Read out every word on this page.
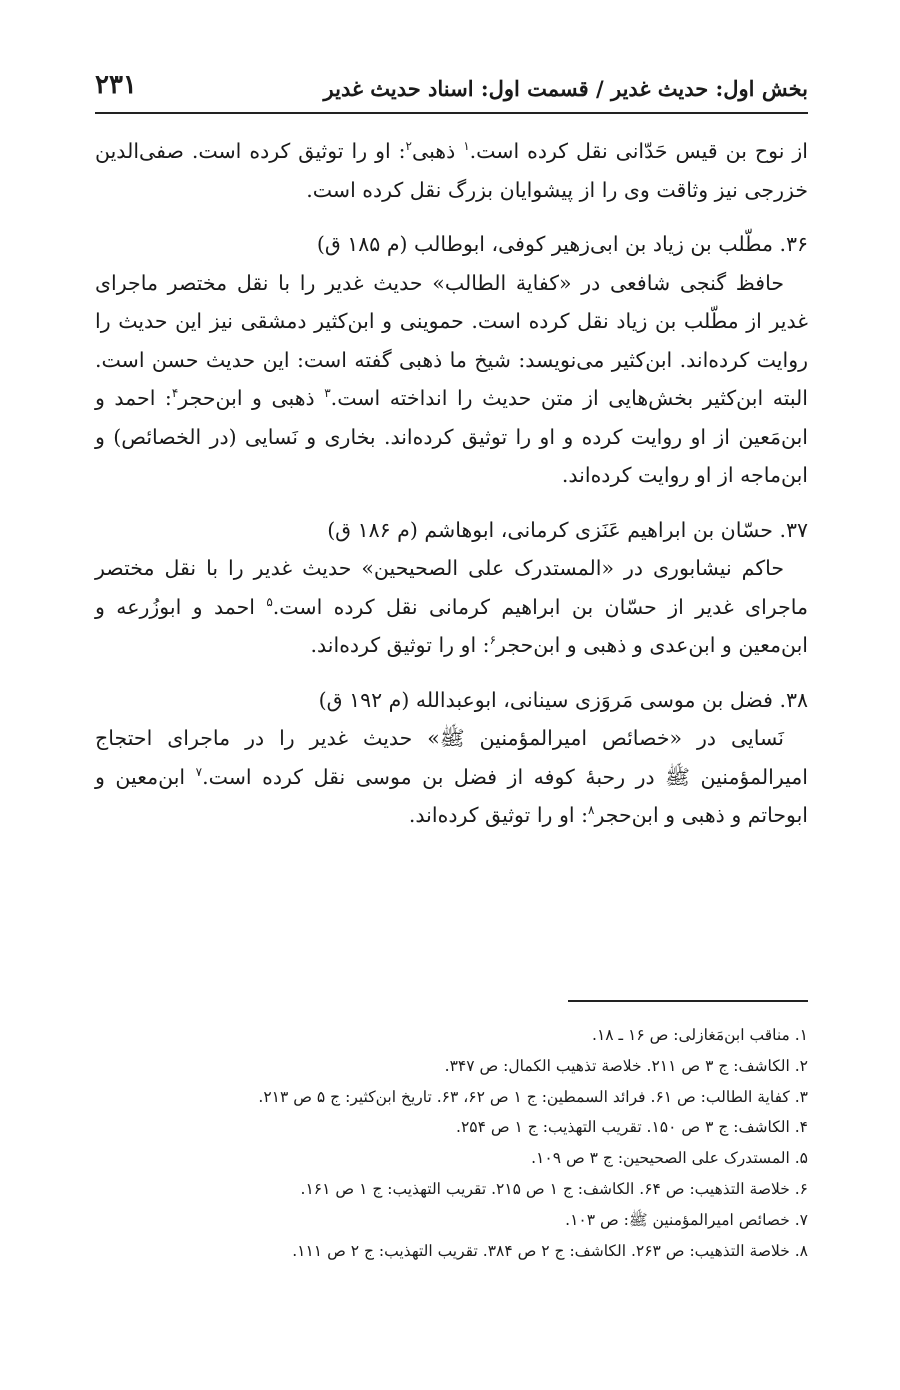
بخش اول: حدیث غدیر / قسمت اول: اسناد حدیث غدیر
۲۳۱

از نوح بن قیس حَدّانی نقل کرده است.$^۱$ ذهبی$^۲$: او را توثیق کرده است. صفی‌الدین خزرجی نیز وثاقت وی را از پیشوایان بزرگ نقل کرده است.

۳۶. مطّلب بن زیاد بن ابی‌زهیر کوفی، ابوطالب (م ۱۸۵ ق)

حافظ گنجی شافعی در «کفایة الطالب» حدیث غدیر را با نقل مختصر ماجرای غدیر از مطّلب بن زیاد نقل کرده است. حموینی و ابن‌کثیر دمشقی نیز این حدیث را روایت کرده‌اند. ابن‌کثیر می‌نویسد: شیخ ما ذهبی گفته است: این حدیث حسن است. البته ابن‌کثیر بخش‌هایی از متن حدیث را انداخته است.$^۳$ ذهبی و ابن‌حجر$^۴$: احمد و ابن‌مَعین از او روایت کرده و او را توثیق کرده‌اند. بخاری و نَسایی (در الخصائص) و ابن‌ماجه از او روایت کرده‌اند.

۳۷. حسّان بن ابراهیم عَنَزی کرمانی، ابوهاشم (م ۱۸۶ ق)

حاکم نیشابوری در «المستدرک علی الصحیحین» حدیث غدیر را با نقل مختصر ماجرای غدیر از حسّان بن ابراهیم کرمانی نقل کرده است.$^۵$ احمد و ابوزُرعه و ابن‌معین و ابن‌عدی و ذهبی و ابن‌حجر$^۶$: او را توثیق کرده‌اند.

۳۸. فضل بن موسی مَروَزی سینانی، ابوعبدالله (م ۱۹۲ ق)

نَسایی در «خصائص امیرالمؤمنین ﷺ» حدیث غدیر را در ماجرای احتجاج امیرالمؤمنین ﷺ در رحبهٔ کوفه از فضل بن موسی نقل کرده است.$^۷$ ابن‌معین و ابوحاتم و ذهبی و ابن‌حجر$^۸$: او را توثیق کرده‌اند.

۱. مناقب ابن‌مَغازلی: ص ۱۶ ـ ۱۸.
۲. الکاشف: ج ۳ ص ۲۱۱. خلاصة تذهیب الکمال: ص ۳۴۷.
۳. کفایة الطالب: ص ۶۱. فرائد السمطین: ج ۱ ص ۶۲، ۶۳. تاریخ ابن‌کثیر: ج ۵ ص ۲۱۳.
۴. الکاشف: ج ۳ ص ۱۵۰. تقریب التهذیب: ج ۱ ص ۲۵۴.
۵. المستدرک علی الصحیحین: ج ۳ ص ۱۰۹.
۶. خلاصة التذهیب: ص ۶۴. الکاشف: ج ۱ ص ۲۱۵. تقریب التهذیب: ج ۱ ص ۱۶۱.
۷. خصائص امیرالمؤمنین ﷺ: ص ۱۰۳.
۸. خلاصة التذهیب: ص ۲۶۳. الکاشف: ج ۲ ص ۳۸۴. تقریب التهذیب: ج ۲ ص ۱۱۱.
